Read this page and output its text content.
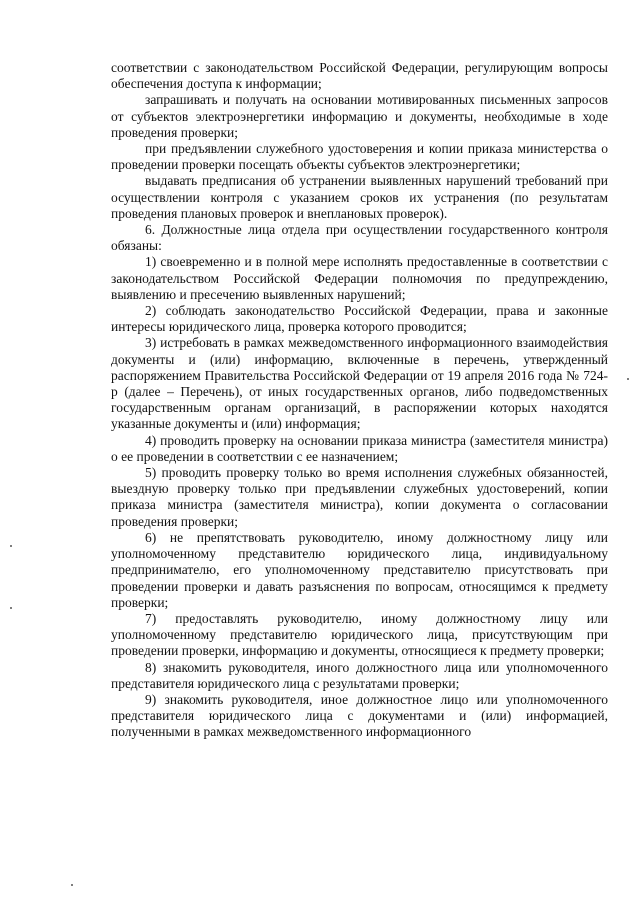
соответствии с законодательством Российской Федерации, регулирующим вопросы обеспечения доступа к информации;

запрашивать и получать на основании мотивированных письменных запросов от субъектов электроэнергетики информацию и документы, необходимые в ходе проведения проверки;

при предъявлении служебного удостоверения и копии приказа министерства о проведении проверки посещать объекты субъектов электроэнергетики;

выдавать предписания об устранении выявленных нарушений требований при осуществлении контроля с указанием сроков их устранения (по результатам проведения плановых проверок и внеплановых проверок).

6. Должностные лица отдела при осуществлении государственного контроля обязаны:

1) своевременно и в полной мере исполнять предоставленные в соответствии с законодательством Российской Федерации полномочия по предупреждению, выявлению и пресечению выявленных нарушений;

2) соблюдать законодательство Российской Федерации, права и законные интересы юридического лица, проверка которого проводится;

3) истребовать в рамках межведомственного информационного взаимодействия документы и (или) информацию, включенные в перечень, утвержденный распоряжением Правительства Российской Федерации от 19 апреля 2016 года № 724-р (далее – Перечень), от иных государственных органов, либо подведомственных государственным органам организаций, в распоряжении которых находятся указанные документы и (или) информация;

4) проводить проверку на основании приказа министра (заместителя министра) о ее проведении в соответствии с ее назначением;

5) проводить проверку только во время исполнения служебных обязанностей, выездную проверку только при предъявлении служебных удостоверений, копии приказа министра (заместителя министра), копии документа о согласовании проведения проверки;

6) не препятствовать руководителю, иному должностному лицу или уполномоченному представителю юридического лица, индивидуальному предпринимателю, его уполномоченному представителю присутствовать при проведении проверки и давать разъяснения по вопросам, относящимся к предмету проверки;

7) предоставлять руководителю, иному должностному лицу или уполномоченному представителю юридического лица, присутствующим при проведении проверки, информацию и документы, относящиеся к предмету проверки;

8) знакомить руководителя, иного должностного лица или уполномоченного представителя юридического лица с результатами проверки;

9) знакомить руководителя, иное должностное лицо или уполномоченного представителя юридического лица с документами и (или) информацией, полученными в рамках межведомственного информационного
